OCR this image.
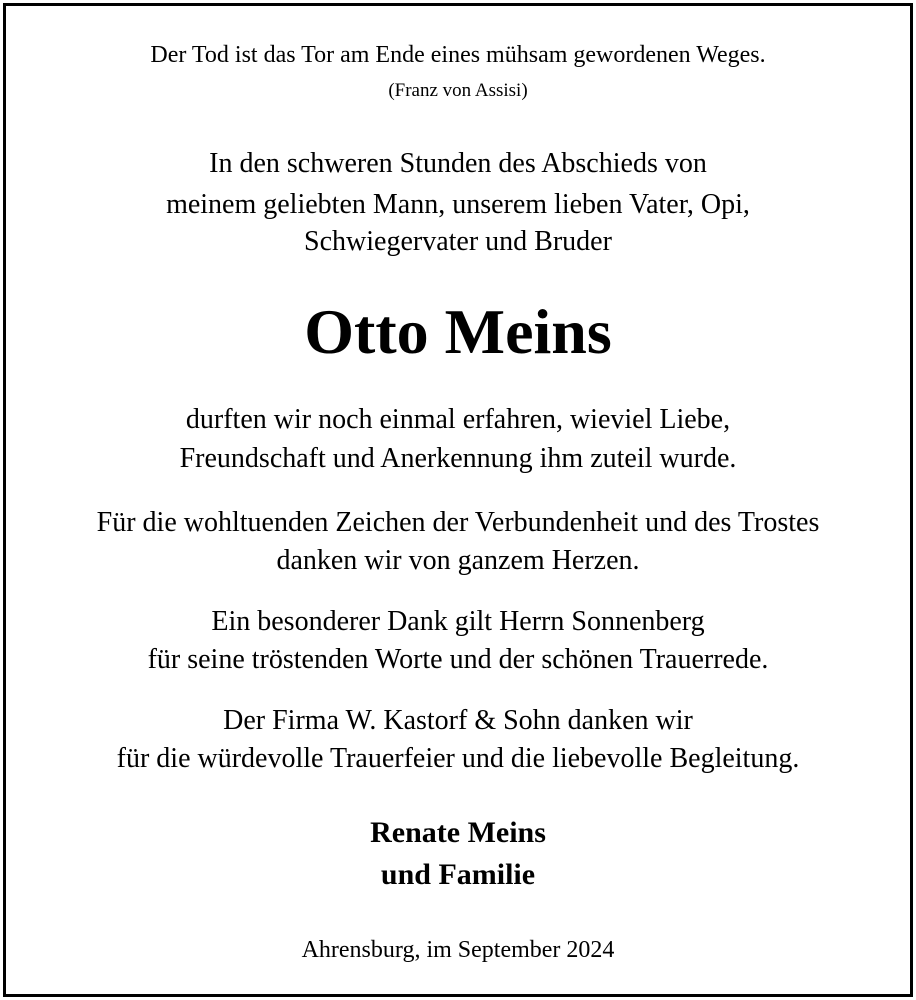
Der Tod ist das Tor am Ende eines mühsam gewordenen Weges.
(Franz von Assisi)
In den schweren Stunden des Abschieds von
meinem geliebten Mann, unserem lieben Vater, Opi,
Schwiegervater und Bruder
Otto Meins
durften wir noch einmal erfahren, wieviel Liebe,
Freundschaft und Anerkennung ihm zuteil wurde.
Für die wohltuenden Zeichen der Verbundenheit und des Trostes
danken wir von ganzem Herzen.
Ein besonderer Dank gilt Herrn Sonnenberg
für seine tröstenden Worte und der schönen Trauerrede.
Der Firma W. Kastorf & Sohn danken wir
für die würdevolle Trauerfeier und die liebevolle Begleitung.
Renate Meins
und Familie
Ahrensburg, im September 2024
